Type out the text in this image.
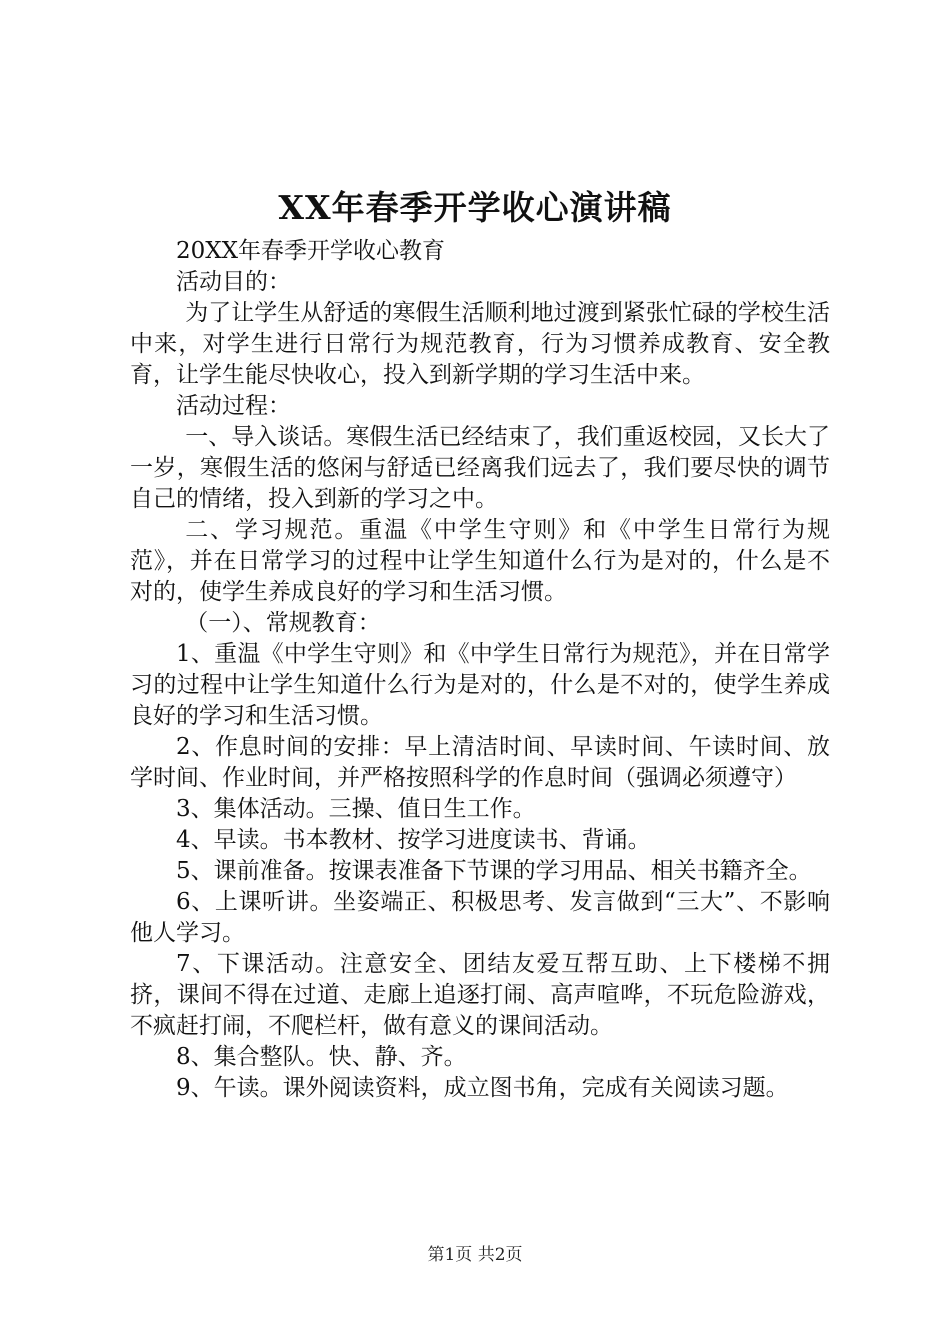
XX年春季开学收心演讲稿

20XX年春季开学收心教育

活动目的：

为了让学生从舒适的寒假生活顺利地过渡到紧张忙碌的学校生活中来，对学生进行日常行为规范教育，行为习惯养成教育、安全教育，让学生能尽快收心，投入到新学期的学习生活中来。

活动过程：

一、导入谈话。寒假生活已经结束了，我们重返校园，又长大了一岁，寒假生活的悠闲与舒适已经离我们远去了，我们要尽快的调节自己的情绪，投入到新的学习之中。

二、学习规范。重温《中学生守则》和《中学生日常行为规范》，并在日常学习的过程中让学生知道什么行为是对的，什么是不对的，使学生养成良好的学习和生活习惯。

（一）、常规教育：

1、重温《中学生守则》和《中学生日常行为规范》，并在日常学习的过程中让学生知道什么行为是对的，什么是不对的，使学生养成良好的学习和生活习惯。

2、作息时间的安排：早上清洁时间、早读时间、午读时间、放学时间、作业时间，并严格按照科学的作息时间（强调必须遵守）

3、集体活动。三操、值日生工作。

4、早读。书本教材、按学习进度读书、背诵。

5、课前准备。按课表准备下节课的学习用品、相关书籍齐全。

6、上课听讲。坐姿端正、积极思考、发言做到“三大”、不影响他人学习。

7、下课活动。注意安全、团结友爱互帮互助、上下楼梯不拥挤，课间不得在过道、走廊上追逐打闹、高声喧哗，不玩危险游戏，不疯赶打闹，不爬栏杆，做有意义的课间活动。

8、集合整队。快、静、齐。

9、午读。课外阅读资料，成立图书角，完成有关阅读习题。

第1页 共2页
